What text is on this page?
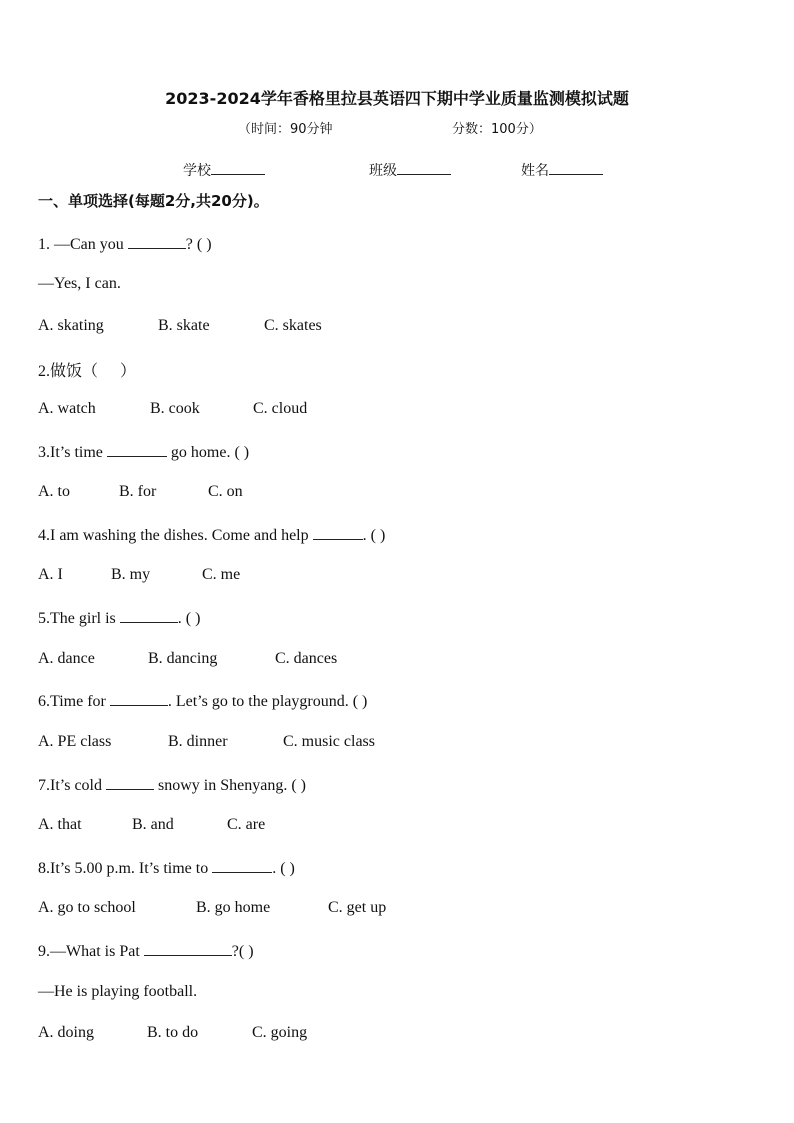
2023-2024学年香格里拉县英语四下期中学业质量监测模拟试题
（时间：90分钟	分数：100分）
学校	班级	姓名
一、单项选择(每题2分,共20分)。
1. —Can you	? ( )
—Yes, I can.
A. skating	B. skate	C. skates
2.做饭（ ）
A. watch	B. cook	C. cloud
3.It’s time	go home. ( )
A. to	B. for	C. on
4.I am washing the dishes. Come and help	. ( )
A. I	B. my	C. me
5.The girl is	. ( )
A. dance	B. dancing	C. dances
6.Time for	. Let’s go to the playground. ( )
A. PE class	B. dinner	C. music class
7.It’s cold	snowy in Shenyang. ( )
A. that	B. and	C. are
8.It’s 5.00 p.m. It’s time to	. ( )
A. go to school	B. go home	C. get up
9.—What is Pat	?( )
—He is playing football.
A. doing	B. to do	C. going
